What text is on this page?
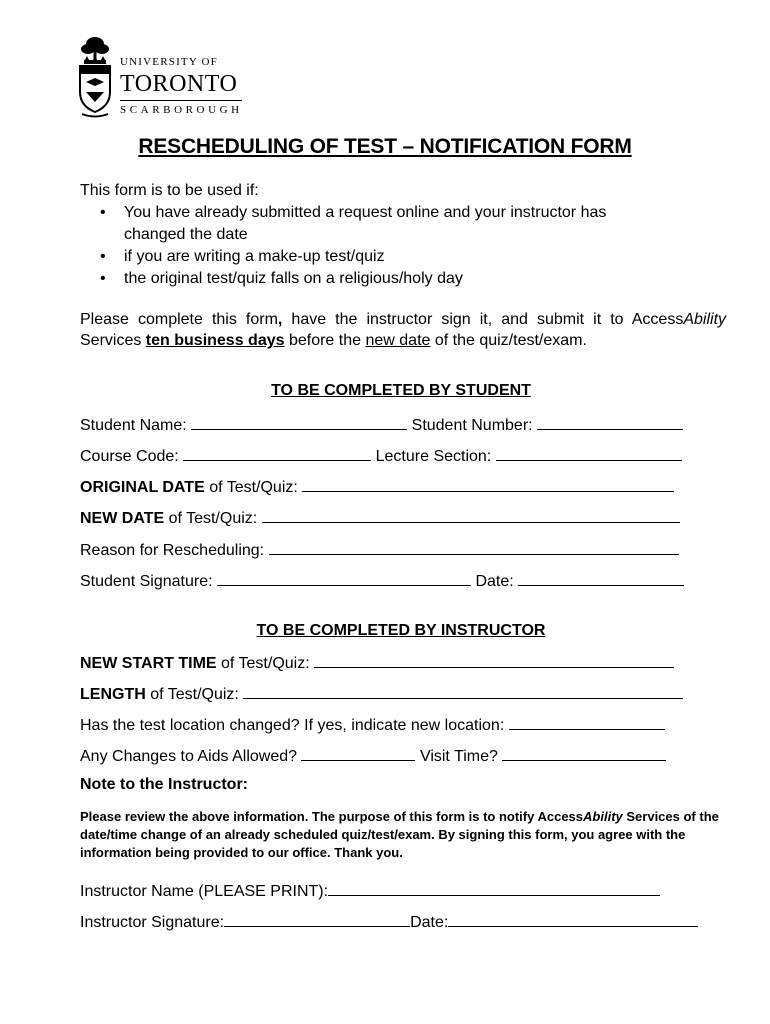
UNIVERSITY OF
TORONTO
SCARBOROUGH
RESCHEDULING OF TEST – NOTIFICATION FORM
This form is to be used if:
• You have already submitted a request online and your instructor has
changed the date
• if you are writing a make-up test/quiz
• the original test/quiz falls on a religious/holy day
Please complete this form, have the instructor sign it, and submit it to AccessAbility Services ten business days before the new date of the quiz/test/exam.
TO BE COMPLETED BY STUDENT
Student Name:	Student Number:
Course Code:	Lecture Section:
ORIGINAL DATE of Test/Quiz:
NEW DATE of Test/Quiz:
Reason for Rescheduling:
Student Signature:	Date:
TO BE COMPLETED BY INSTRUCTOR
NEW START TIME of Test/Quiz:
LENGTH of Test/Quiz:
Has the test location changed? If yes, indicate new location:
Any Changes to Aids Allowed?	Visit Time?
Note to the Instructor:
Please review the above information. The purpose of this form is to notify AccessAbility Services of the date/time change of an already scheduled quiz/test/exam. By signing this form, you agree with the information being provided to our office. Thank you.
Instructor Name (PLEASE PRINT):
Instructor Signature:	Date:
